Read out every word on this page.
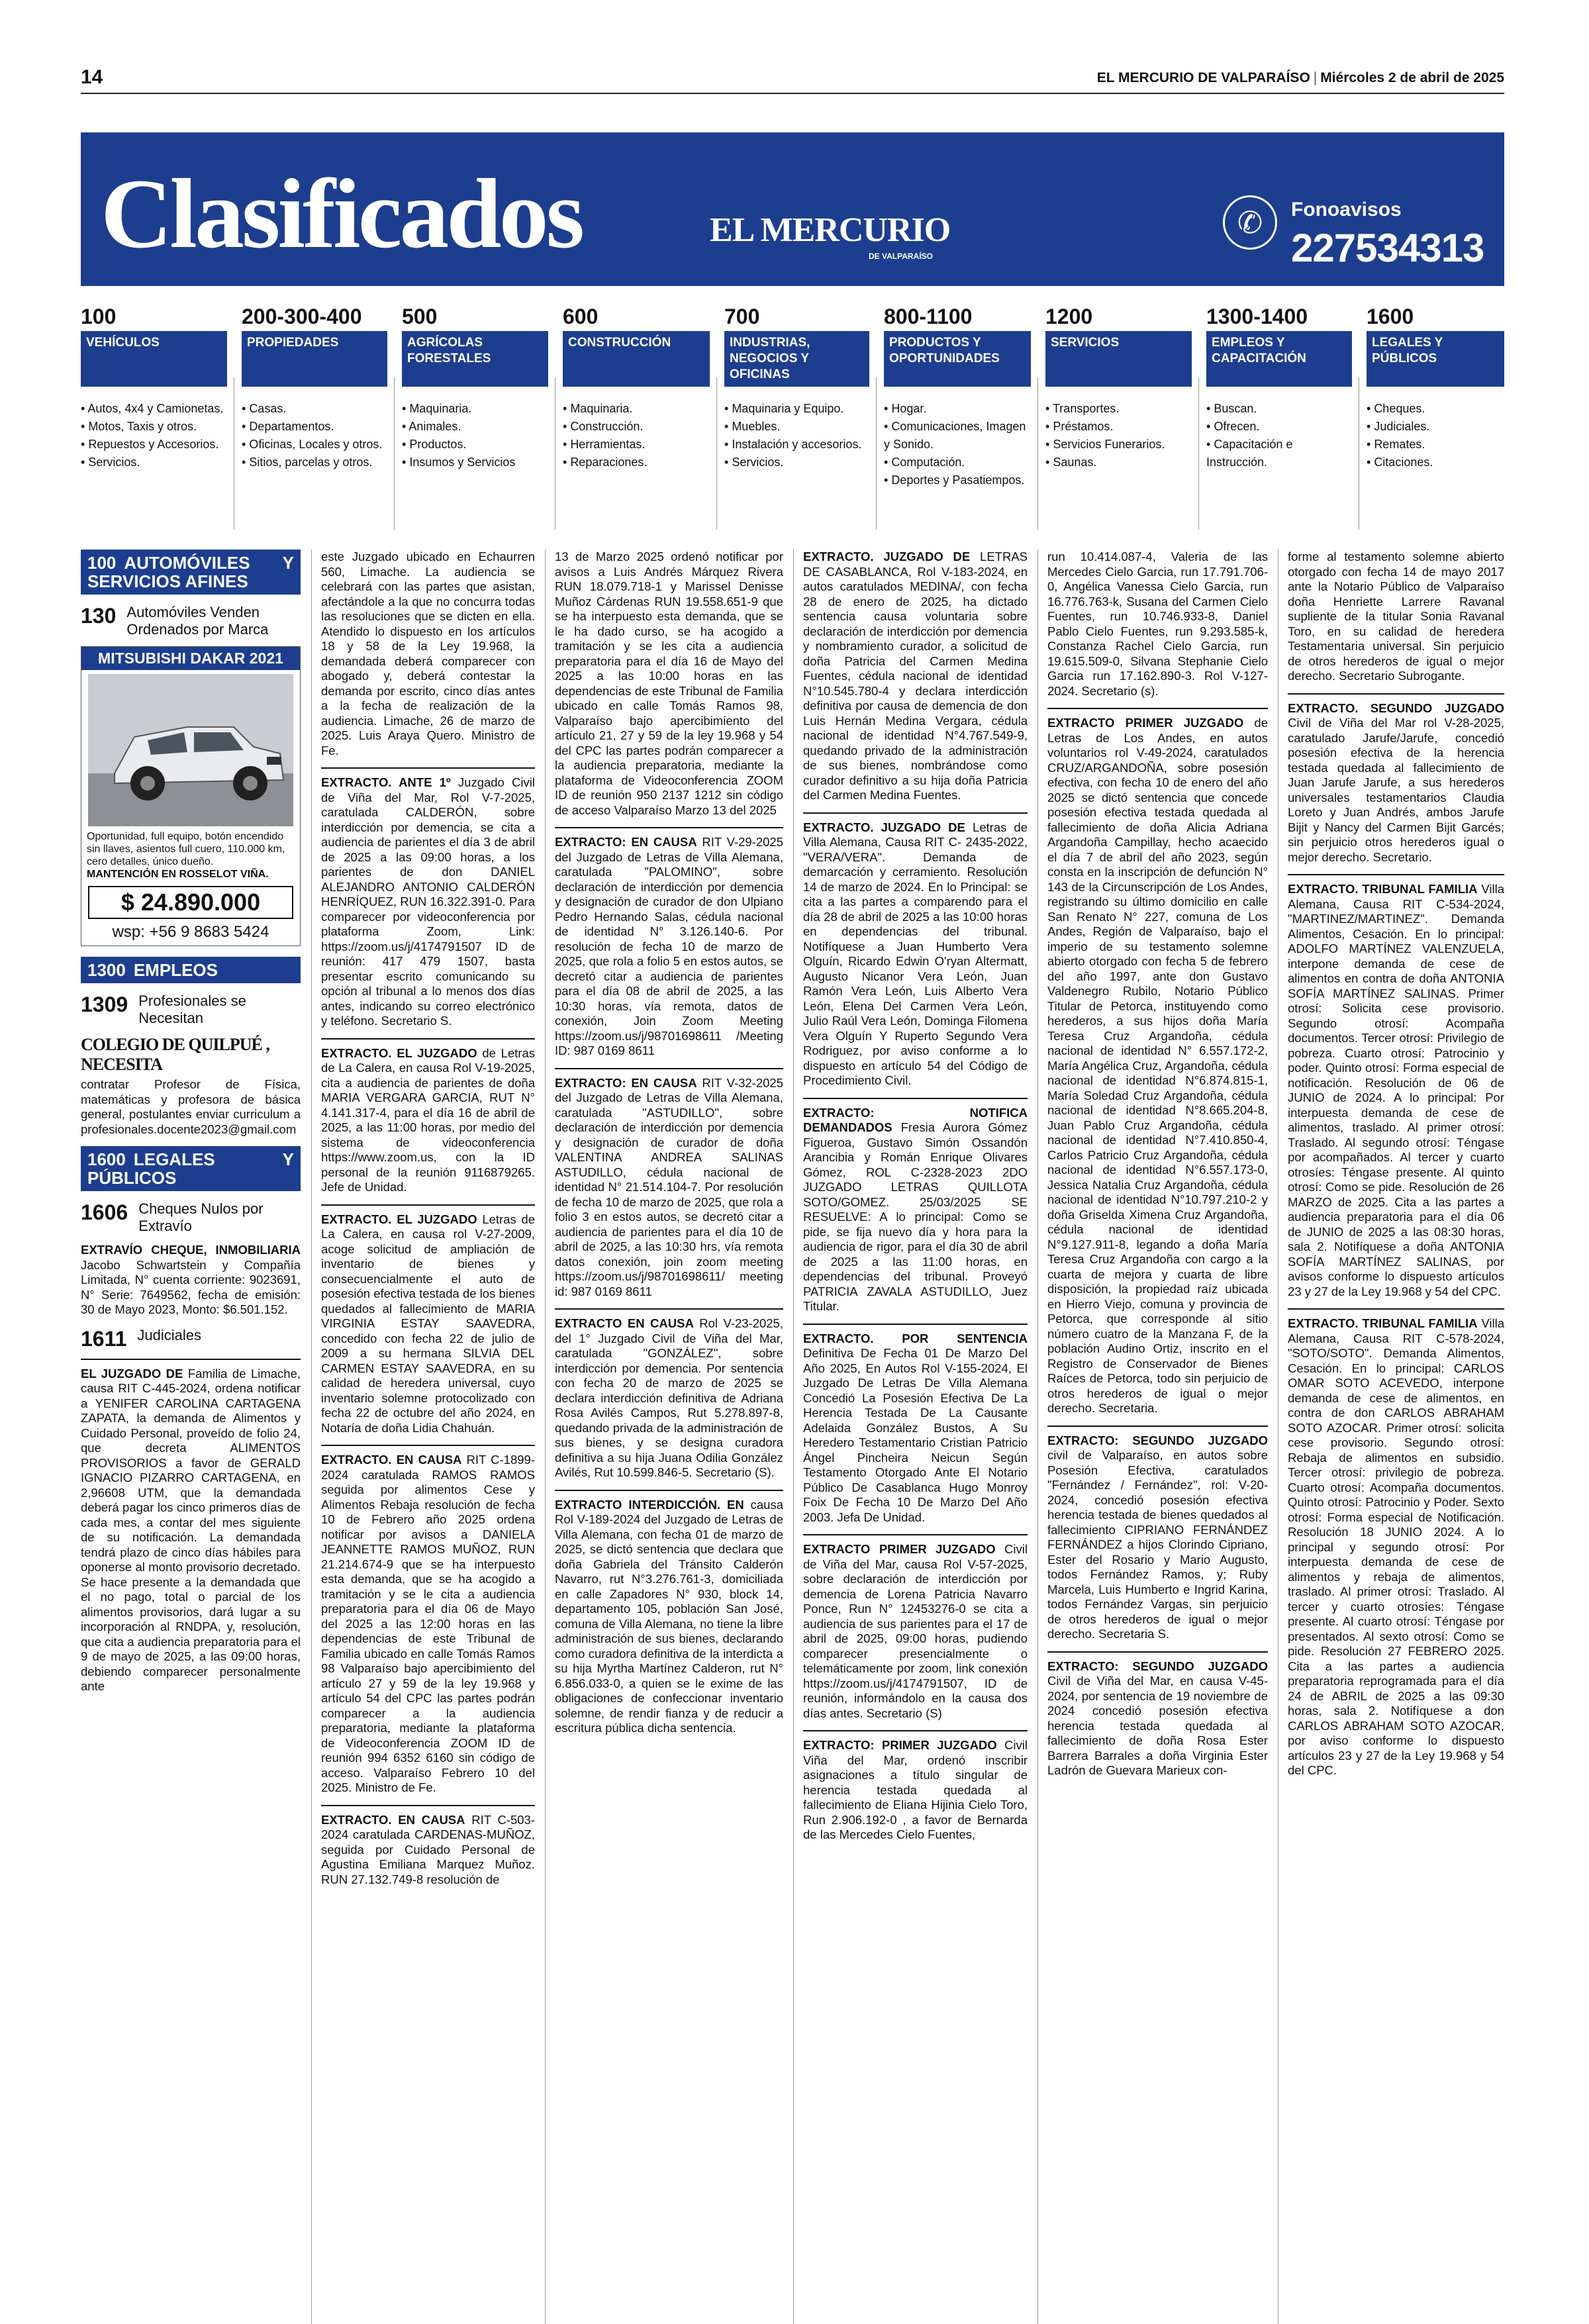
14	EL MERCURIO DE VALPARAÍSO | Miércoles 2 de abril de 2025
Clasificados	EL MERCURIO
DE VALPARAÍSO
✆	Fonoavisos
227534313
100
VEHÍCULOS
• Autos, 4x4 y Camionetas.
• Motos, Taxis y otros.
• Repuestos y Accesorios.
• Servicios.
200-300-400
PROPIEDADES
• Casas.
• Departamentos.
• Oficinas, Locales y otros.
• Sitios, parcelas y otros.
500
AGRÍCOLAS FORESTALES
• Maquinaria.
• Animales.
• Productos.
• Insumos y Servicios
600
CONSTRUCCIÓN
• Maquinaria.
• Construcción.
• Herramientas.
• Reparaciones.
700
INDUSTRIAS, NEGOCIOS Y OFICINAS
• Maquinaria y Equipo.
• Muebles.
• Instalación y accesorios.
• Servicios.
800-1100
PRODUCTOS Y OPORTUNIDADES
• Hogar.
• Comunicaciones, Imagen y Sonido.
• Computación.
• Deportes y Pasatiempos.
1200
SERVICIOS
• Transportes.
• Préstamos.
• Servicios Funerarios.
• Saunas.
1300-1400
EMPLEOS Y CAPACITACIÓN
• Buscan.
• Ofrecen.
• Capacitación e Instrucción.
1600
LEGALES Y PÚBLICOS
• Cheques.
• Judiciales.
• Remates.
• Citaciones.
100 AUTOMÓVILES Y SERVICIOS AFINES
130 Automóviles Venden Ordenados por Marca
MITSUBISHI DAKAR 2021
Oportunidad, full equipo, botón encendido sin llaves, asientos full cuero, 110.000 km, cero detalles, único dueño.
MANTENCIÓN EN ROSSELOT VIÑA.
$ 24.890.000
wsp: +56 9 8683 5424
1300 EMPLEOS
1309 Profesionales se Necesitan
COLEGIO DE QUILPUÉ , NECESITA
contratar Profesor de Física, matemáticas y profesora de básica general, postulantes enviar curriculum a profesionales.docente2023@gmail.com
1600 LEGALES Y PÚBLICOS
1606 Cheques Nulos por Extravío
EXTRAVÍO CHEQUE, INMOBILIARIA Jacobo Schwartstein y Compañía Limitada, N° cuenta corriente: 9023691, N° Serie: 7649562, fecha de emisión: 30 de Mayo 2023, Monto: $6.501.152.
1611 Judiciales
EL JUZGADO DE Familia de Limache, causa RIT C-445-2024, ordena notificar a YENIFER CAROLINA CARTAGENA ZAPATA, la demanda de Alimentos y Cuidado Personal, proveído de folio 24, que decreta ALIMENTOS PROVISORIOS a favor de GERALD IGNACIO PIZARRO CARTAGENA, en 2,96608 UTM, que la demandada deberá pagar los cinco primeros días de cada mes, a contar del mes siguiente de su notificación. La demandada tendrá plazo de cinco días hábiles para oponerse al monto provisorio decretado. Se hace presente a la demandada que el no pago, total o parcial de los alimentos provisorios, dará lugar a su incorporación al RNDPA, y, resolución, que cita a audiencia preparatoria para el 9 de mayo de 2025, a las 09:00 horas, debiendo comparecer personalmente ante
este Juzgado ubicado en Echaurren 560, Limache. La audiencia se celebrará con las partes que asistan, afectándole a la que no concurra todas las resoluciones que se dicten en ella. Atendido lo dispuesto en los artículos 18 y 58 de la Ley 19.968, la demandada deberá comparecer con abogado y, deberá contestar la demanda por escrito, cinco días antes a la fecha de realización de la audiencia. Limache, 26 de marzo de 2025. Luis Araya Quero. Ministro de Fe.
EXTRACTO. ANTE 1º Juzgado Civil de Viña del Mar, Rol V-7-2025, caratulada CALDERÓN, sobre interdicción por demencia, se cita a audiencia de parientes el día 3 de abril de 2025 a las 09:00 horas, a los parientes de don DANIEL ALEJANDRO ANTONIO CALDERÓN HENRÍQUEZ, RUN 16.322.391-0. Para comparecer por videoconferencia por plataforma Zoom, Link: https://zoom.us/j/4174791507 ID de reunión: 417 479 1507, basta presentar escrito comunicando su opción al tribunal a lo menos dos días antes, indicando su correo electrónico y teléfono. Secretario S.
EXTRACTO. EL JUZGADO de Letras de La Calera, en causa Rol V-19-2025, cita a audiencia de parientes de doña MARIA VERGARA GARCIA, RUT N° 4.141.317-4, para el día 16 de abril de 2025, a las 11:00 horas, por medio del sistema de videoconferencia https://www.zoom.us, con la ID personal de la reunión 9116879265. Jefe de Unidad.
EXTRACTO. EL JUZGADO Letras de La Calera, en causa rol V-27-2009, acoge solicitud de ampliación de inventario de bienes y consecuencialmente el auto de posesión efectiva testada de los bienes quedados al fallecimiento de MARIA VIRGINIA ESTAY SAAVEDRA, concedido con fecha 22 de julio de 2009 a su hermana SILVIA DEL CARMEN ESTAY SAAVEDRA, en su calidad de heredera universal, cuyo inventario solemne protocolizado con fecha 22 de octubre del año 2024, en Notaría de doña Lidia Chahuán.
EXTRACTO. EN CAUSA RIT C-1899-2024 caratulada RAMOS RAMOS seguida por alimentos Cese y Alimentos Rebaja resolución de fecha 10 de Febrero año 2025 ordena notificar por avisos a DANIELA JEANNETTE RAMOS MUÑOZ, RUN 21.214.674-9 que se ha interpuesto esta demanda, que se ha acogido a tramitación y se le cita a audiencia preparatoria para el día 06 de Mayo del 2025 a las 12:00 horas en las dependencias de este Tribunal de Familia ubicado en calle Tomás Ramos 98 Valparaíso bajo apercibimiento del artículo 27 y 59 de la ley 19.968 y artículo 54 del CPC las partes podrán comparecer a la audiencia preparatoria, mediante la plataforma de Videoconferencia ZOOM ID de reunión 994 6352 6160 sin código de acceso. Valparaíso Febrero 10 del 2025. Ministro de Fe.
EXTRACTO. EN CAUSA RIT C-503-2024 caratulada CARDENAS-MUÑOZ, seguida por Cuidado Personal de Agustina Emiliana Marquez Muñoz. RUN 27.132.749-8 resolución de
13 de Marzo 2025 ordenó notificar por avisos a Luis Andrés Márquez Rivera RUN 18.079.718-1 y Marissel Denisse Muñoz Cárdenas RUN 19.558.651-9 que se ha interpuesto esta demanda, que se le ha dado curso, se ha acogido a tramitación y se les cita a audiencia preparatoria para el día 16 de Mayo del 2025 a las 10:00 horas en las dependencias de este Tribunal de Familia ubicado en calle Tomás Ramos 98, Valparaíso bajo apercibimiento del artículo 21, 27 y 59 de la ley 19.968 y 54 del CPC las partes podrán comparecer a la audiencia preparatoria, mediante la plataforma de Videoconferencia ZOOM ID de reunión 950 2137 1212 sin código de acceso Valparaíso Marzo 13 del 2025
EXTRACTO: EN CAUSA RIT V-29-2025 del Juzgado de Letras de Villa Alemana, caratulada "PALOMINO", sobre declaración de interdicción por demencia y designación de curador de don Ulpiano Pedro Hernando Salas, cédula nacional de identidad N° 3.126.140-6. Por resolución de fecha 10 de marzo de 2025, que rola a folio 5 en estos autos, se decretó citar a audiencia de parientes para el día 08 de abril de 2025, a las 10:30 horas, vía remota, datos de conexión, Join Zoom Meeting https://zoom.us/j/98701698611 /Meeting ID: 987 0169 8611
EXTRACTO: EN CAUSA RIT V-32-2025 del Juzgado de Letras de Villa Alemana, caratulada "ASTUDILLO", sobre declaración de interdicción por demencia y designación de curador de doña VALENTINA ANDREA SALINAS ASTUDILLO, cédula nacional de identidad N° 21.514.104-7. Por resolución de fecha 10 de marzo de 2025, que rola a folio 3 en estos autos, se decretó citar a audiencia de parientes para el día 10 de abril de 2025, a las 10:30 hrs, vía remota datos conexión, join zoom meeting https://zoom.us/j/98701698611/ meeting id: 987 0169 8611
EXTRACTO EN CAUSA Rol V-23-2025, del 1° Juzgado Civil de Viña del Mar, caratulada "GONZÁLEZ", sobre interdicción por demencia. Por sentencia con fecha 20 de marzo de 2025 se declara interdicción definitiva de Adriana Rosa Avilés Campos, Rut 5.278.897-8, quedando privada de la administración de sus bienes, y se designa curadora definitiva a su hija Juana Odilia González Avilés, Rut 10.599.846-5. Secretario (S).
EXTRACTO INTERDICCIÓN. EN causa Rol V-189-2024 del Juzgado de Letras de Villa Alemana, con fecha 01 de marzo de 2025, se dictó sentencia que declara que doña Gabriela del Tránsito Calderón Navarro, rut N°3.276.761-3, domiciliada en calle Zapadores N° 930, block 14, departamento 105, población San José, comuna de Villa Alemana, no tiene la libre administración de sus bienes, declarando como curadora definitiva de la interdicta a su hija Myrtha Martínez Calderon, rut N° 6.856.033-0, a quien se le exime de las obligaciones de confeccionar inventario solemne, de rendir fianza y de reducir a escritura pública dicha sentencia.
EXTRACTO. JUZGADO DE LETRAS DE CASABLANCA, Rol V-183-2024, en autos caratulados MEDINA/, con fecha 28 de enero de 2025, ha dictado sentencia causa voluntaria sobre declaración de interdicción por demencia y nombramiento curador, a solicitud de doña Patricia del Carmen Medina Fuentes, cédula nacional de identidad N°10.545.780-4 y declara interdicción definitiva por causa de demencia de don Luis Hernán Medina Vergara, cédula nacional de identidad N°4.767.549-9, quedando privado de la administración de sus bienes, nombrándose como curador definitivo a su hija doña Patricia del Carmen Medina Fuentes.
EXTRACTO. JUZGADO DE Letras de Villa Alemana, Causa RIT C- 2435-2022, "VERA/VERA". Demanda de demarcación y cerramiento. Resolución 14 de marzo de 2024. En lo Principal: se cita a las partes a comparendo para el día 28 de abril de 2025 a las 10:00 horas en dependencias del tribunal. Notifíquese a Juan Humberto Vera Olguín, Ricardo Edwin O'ryan Altermatt, Augusto Nicanor Vera León, Juan Ramón Vera León, Luis Alberto Vera León, Elena Del Carmen Vera León, Julio Raúl Vera León, Dominga Filomena Vera Olguín Y Ruperto Segundo Vera Rodriguez, por aviso conforme a lo dispuesto en artículo 54 del Código de Procedimiento Civil.
EXTRACTO: NOTIFICA DEMANDADOS Fresia Aurora Gómez Figueroa, Gustavo Simón Ossandón Arancibia y Román Enrique Olivares Gómez, ROL C-2328-2023 2DO JUZGADO LETRAS QUILLOTA SOTO/GOMEZ. 25/03/2025 SE RESUELVE: A lo principal: Como se pide, se fija nuevo día y hora para la audiencia de rigor, para el día 30 de abril de 2025 a las 11:00 horas, en dependencias del tribunal. Proveyó PATRICIA ZAVALA ASTUDILLO, Juez Titular.
EXTRACTO. POR SENTENCIA Definitiva De Fecha 01 De Marzo Del Año 2025, En Autos Rol V-155-2024, El Juzgado De Letras De Villa Alemana Concedió La Posesión Efectiva De La Herencia Testada De La Causante Adelaida González Bustos, A Su Heredero Testamentario Cristian Patricio Ángel Pincheira Neicun Según Testamento Otorgado Ante El Notario Público De Casablanca Hugo Monroy Foix De Fecha 10 De Marzo Del Año 2003. Jefa De Unidad.
EXTRACTO PRIMER JUZGADO Civil de Viña del Mar, causa Rol V-57-2025, sobre declaración de interdicción por demencia de Lorena Patricia Navarro Ponce, Run N° 12453276-0 se cita a audiencia de sus parientes para el 17 de abril de 2025, 09:00 horas, pudiendo comparecer presencialmente o telemáticamente por zoom, link conexión https://zoom.us/j/4174791507, ID de reunión, informándolo en la causa dos días antes. Secretario (S)
EXTRACTO: PRIMER JUZGADO Civil Viña del Mar, ordenó inscribir asignaciones a título singular de herencia testada quedada al fallecimiento de Eliana Hijinia Cielo Toro, Run 2.906.192-0 , a favor de Bernarda de las Mercedes Cielo Fuentes,
run 10.414.087-4, Valeria de las Mercedes Cielo Garcia, run 17.791.706-0, Angélica Vanessa Cielo Garcia, run 16.776.763-k, Susana del Carmen Cielo Fuentes, run 10.746.933-8, Daniel Pablo Cielo Fuentes, run 9.293.585-k, Constanza Rachel Cielo Garcia, run 19.615.509-0, Silvana Stephanie Cielo Garcia run 17.162.890-3. Rol V-127-2024. Secretario (s).
EXTRACTO PRIMER JUZGADO de Letras de Los Andes, en autos voluntarios rol V-49-2024, caratulados CRUZ/ARGANDOÑA, sobre posesión efectiva, con fecha 10 de enero del año 2025 se dictó sentencia que concede posesión efectiva testada quedada al fallecimiento de doña Alicia Adriana Argandoña Campillay, hecho acaecido el día 7 de abril del año 2023, según consta en la inscripción de defunción N° 143 de la Circunscripción de Los Andes, registrando su último domicilio en calle San Renato N° 227, comuna de Los Andes, Región de Valparaíso, bajo el imperio de su testamento solemne abierto otorgado con fecha 5 de febrero del año 1997, ante don Gustavo Valdenegro Rubilo, Notario Público Titular de Petorca, instituyendo como herederos, a sus hijos doña María Teresa Cruz Argandoña, cédula nacional de identidad N° 6.557.172-2, María Angélica Cruz, Argandoña, cédula nacional de identidad N°6.874.815-1, María Soledad Cruz Argandoña, cédula nacional de identidad N°8.665.204-8, Juan Pablo Cruz Argandoña, cédula nacional de identidad N°7.410.850-4, Carlos Patricio Cruz Argandoña, cédula nacional de identidad N°6.557.173-0, Jessica Natalia Cruz Argandoña, cédula nacional de identidad N°10.797.210-2 y doña Griselda Ximena Cruz Argandoña, cédula nacional de identidad N°9.127.911-8, legando a doña María Teresa Cruz Argandoña con cargo a la cuarta de mejora y cuarta de libre disposición, la propiedad raíz ubicada en Hierro Viejo, comuna y provincia de Petorca, que corresponde al sitio número cuatro de la Manzana F, de la población Audino Ortiz, inscrito en el Registro de Conservador de Bienes Raíces de Petorca, todo sin perjuicio de otros herederos de igual o mejor derecho. Secretaria.
EXTRACTO: SEGUNDO JUZGADO civil de Valparaíso, en autos sobre Posesión Efectiva, caratulados "Fernández / Fernández", rol: V-20-2024, concedió posesión efectiva herencia testada de bienes quedados al fallecimiento CIPRIANO FERNÁNDEZ FERNÁNDEZ a hijos Clorindo Cipriano, Ester del Rosario y Mario Augusto, todos Fernández Ramos, y; Ruby Marcela, Luis Humberto e Ingrid Karina, todos Fernández Vargas, sin perjuicio de otros herederos de igual o mejor derecho. Secretaria S.
EXTRACTO: SEGUNDO JUZGADO Civil de Viña del Mar, en causa V-45-2024, por sentencia de 19 noviembre de 2024 concedió posesión efectiva herencia testada quedada al fallecimiento de doña Rosa Ester Barrera Barrales a doña Virginia Ester Ladrón de Guevara Marieux con-
forme al testamento solemne abierto otorgado con fecha 14 de mayo 2017 ante la Notario Público de Valparaíso doña Henriette Larrere Ravanal supliente de la titular Sonia Ravanal Toro, en su calidad de heredera Testamentaria universal. Sin perjuicio de otros herederos de igual o mejor derecho. Secretario Subrogante.
EXTRACTO. SEGUNDO JUZGADO Civil de Viña del Mar rol V-28-2025, caratulado Jarufe/Jarufe, concedió posesión efectiva de la herencia testada quedada al fallecimiento de Juan Jarufe Jarufe, a sus herederos universales testamentarios Claudia Loreto y Juan Andrés, ambos Jarufe Bijit y Nancy del Carmen Bijit Garcés; sin perjuicio otros herederos igual o mejor derecho. Secretario.
EXTRACTO. TRIBUNAL FAMILIA Villa Alemana, Causa RIT C-534-2024, "MARTINEZ/MARTINEZ". Demanda Alimentos, Cesación. En lo principal: ADOLFO MARTÍNEZ VALENZUELA, interpone demanda de cese de alimentos en contra de doña ANTONIA SOFÍA MARTÍNEZ SALINAS. Primer otrosí: Solicita cese provisorio. Segundo otrosí: Acompaña documentos. Tercer otrosí: Privilegio de pobreza. Cuarto otrosí: Patrocinio y poder. Quinto otrosí: Forma especial de notificación. Resolución de 06 de JUNIO de 2024. A lo principal: Por interpuesta demanda de cese de alimentos, traslado. Al primer otrosí: Traslado. Al segundo otrosí: Téngase por acompañados. Al tercer y cuarto otrosíes: Téngase presente. Al quinto otrosí: Como se pide. Resolución de 26 MARZO de 2025. Cita a las partes a audiencia preparatoria para el día 06 de JUNIO de 2025 a las 08:30 horas, sala 2. Notifíquese a doña ANTONIA SOFÍA MARTÍNEZ SALINAS, por avisos conforme lo dispuesto artículos 23 y 27 de la Ley 19.968 y 54 del CPC.
EXTRACTO. TRIBUNAL FAMILIA Villa Alemana, Causa RIT C-578-2024, "SOTO/SOTO". Demanda Alimentos, Cesación. En lo principal: CARLOS OMAR SOTO ACEVEDO, interpone demanda de cese de alimentos, en contra de don CARLOS ABRAHAM SOTO AZOCAR. Primer otrosí: solicita cese provisorio. Segundo otrosí: Rebaja de alimentos en subsidio. Tercer otrosí: privilegio de pobreza. Cuarto otrosí: Acompaña documentos. Quinto otrosí: Patrocinio y Poder. Sexto otrosí: Forma especial de Notificación. Resolución 18 JUNIO 2024. A lo principal y segundo otrosí: Por interpuesta demanda de cese de alimentos y rebaja de alimentos, traslado. Al primer otrosí: Traslado. Al tercer y cuarto otrosíes: Téngase presente. Al cuarto otrosí: Téngase por presentados. Al sexto otrosí: Como se pide. Resolución 27 FEBRERO 2025. Cita a las partes a audiencia preparatoria reprogramada para el día 24 de ABRIL de 2025 a las 09:30 horas, sala 2. Notifíquese a don CARLOS ABRAHAM SOTO AZOCAR, por aviso conforme lo dispuesto artículos 23 y 27 de la Ley 19.968 y 54 del CPC.
